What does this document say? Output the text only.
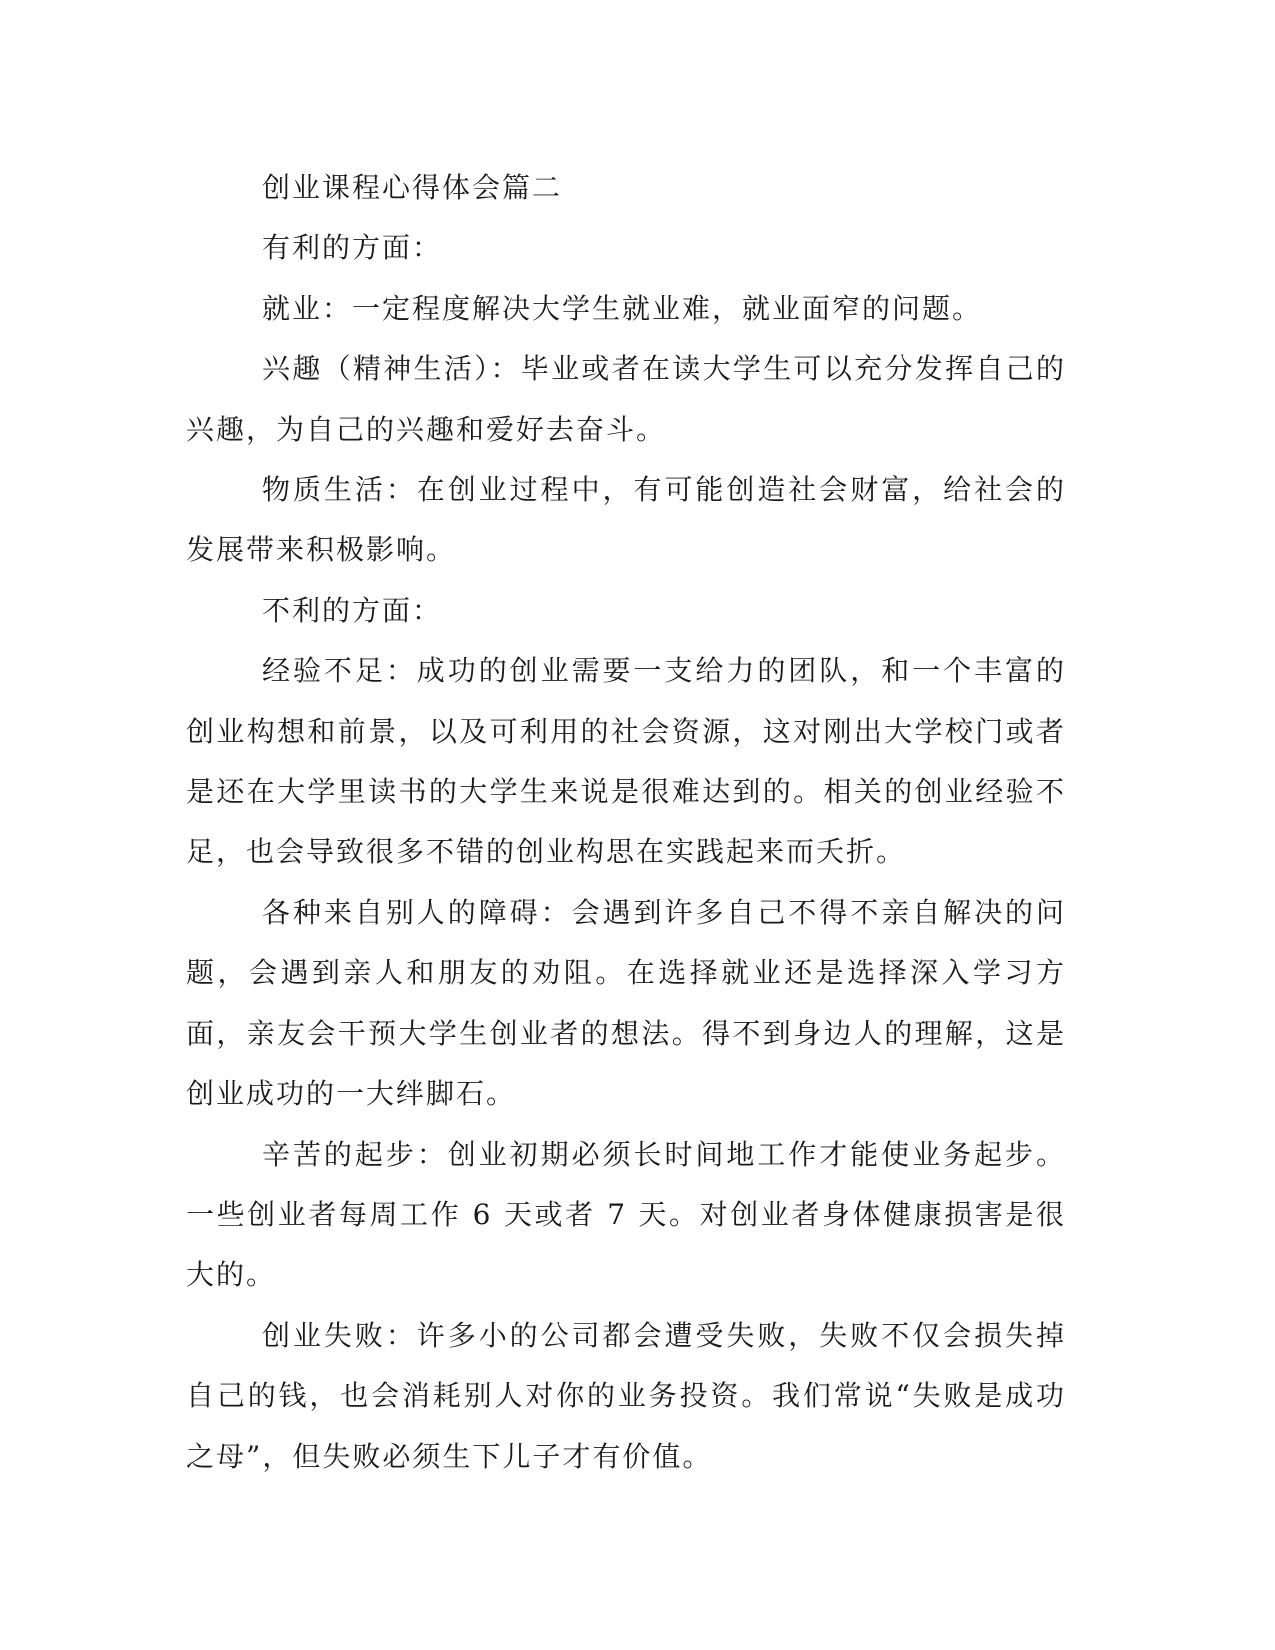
创业课程心得体会篇二

有利的方面：

就业：一定程度解决大学生就业难，就业面窄的问题。

兴趣（精神生活）：毕业或者在读大学生可以充分发挥自己的兴趣，为自己的兴趣和爱好去奋斗。

物质生活：在创业过程中，有可能创造社会财富，给社会的发展带来积极影响。

不利的方面：

经验不足：成功的创业需要一支给力的团队，和一个丰富的创业构想和前景，以及可利用的社会资源，这对刚出大学校门或者是还在大学里读书的大学生来说是很难达到的。相关的创业经验不足，也会导致很多不错的创业构思在实践起来而夭折。

各种来自别人的障碍：会遇到许多自己不得不亲自解决的问题，会遇到亲人和朋友的劝阻。在选择就业还是选择深入学习方面，亲友会干预大学生创业者的想法。得不到身边人的理解，这是创业成功的一大绊脚石。

辛苦的起步：创业初期必须长时间地工作才能使业务起步。一些创业者每周工作 6 天或者 7 天。对创业者身体健康损害是很大的。

创业失败：许多小的公司都会遭受失败，失败不仅会损失掉自己的钱，也会消耗别人对你的业务投资。我们常说“失败是成功之母”，但失败必须生下儿子才有价值。
